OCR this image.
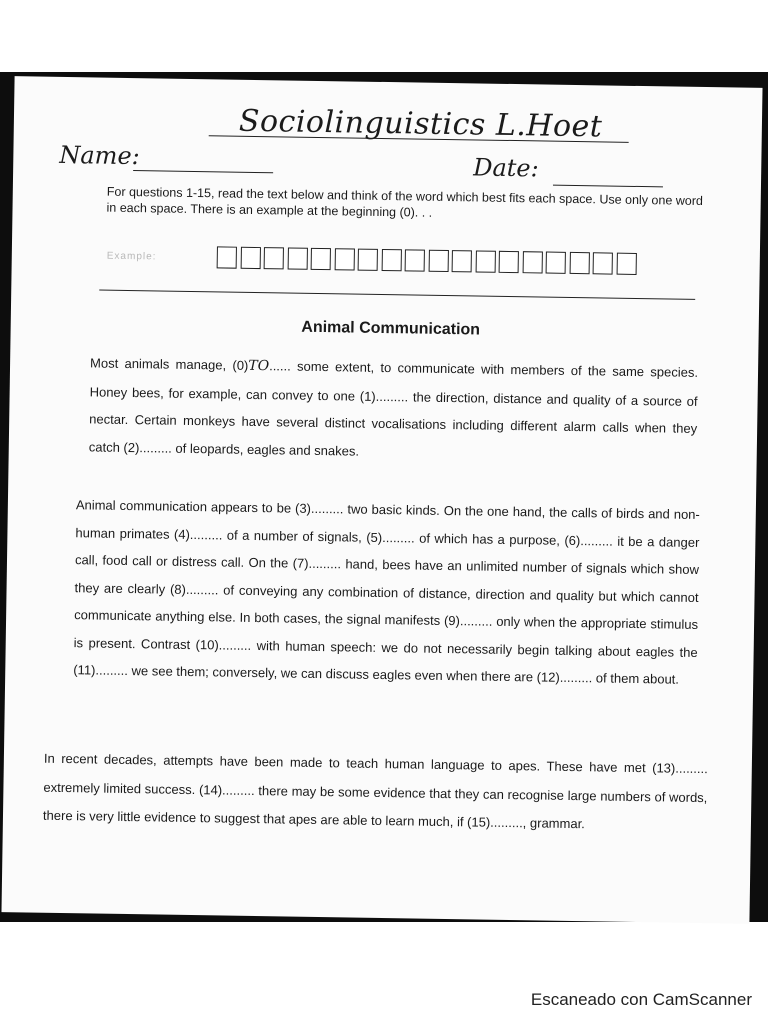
Sociolinguistics L.Hoet
Name:	Date:

For questions 1-15, read the text below and think of the word which best fits each space. Use only one word in each space. There is an example at the beginning (0). . .

Example:
Animal Communication

Most animals manage, (0)TO...... some extent, to communicate with members of the same species. Honey bees, for example, can convey to one (1)......... the direction, distance and quality of a source of nectar. Certain monkeys have several distinct vocalisations including different alarm calls when they catch (2)......... of leopards, eagles and snakes.

Animal communication appears to be (3)......... two basic kinds. On the one hand, the calls of birds and non-human primates (4)......... of a number of signals, (5)......... of which has a purpose, (6)......... it be a danger call, food call or distress call. On the (7)......... hand, bees have an unlimited number of signals which show they are clearly (8)......... of conveying any combination of distance, direction and quality but which cannot communicate anything else. In both cases, the signal manifests (9)......... only when the appropriate stimulus is present. Contrast (10)......... with human speech: we do not necessarily begin talking about eagles the (11)......... we see them; conversely, we can discuss eagles even when there are (12)......... of them about.

In recent decades, attempts have been made to teach human language to apes. These have met (13)......... extremely limited success. (14)......... there may be some evidence that they can recognise large numbers of words, there is very little evidence to suggest that apes are able to learn much, if (15)........., grammar.

Escaneado con CamScanner
